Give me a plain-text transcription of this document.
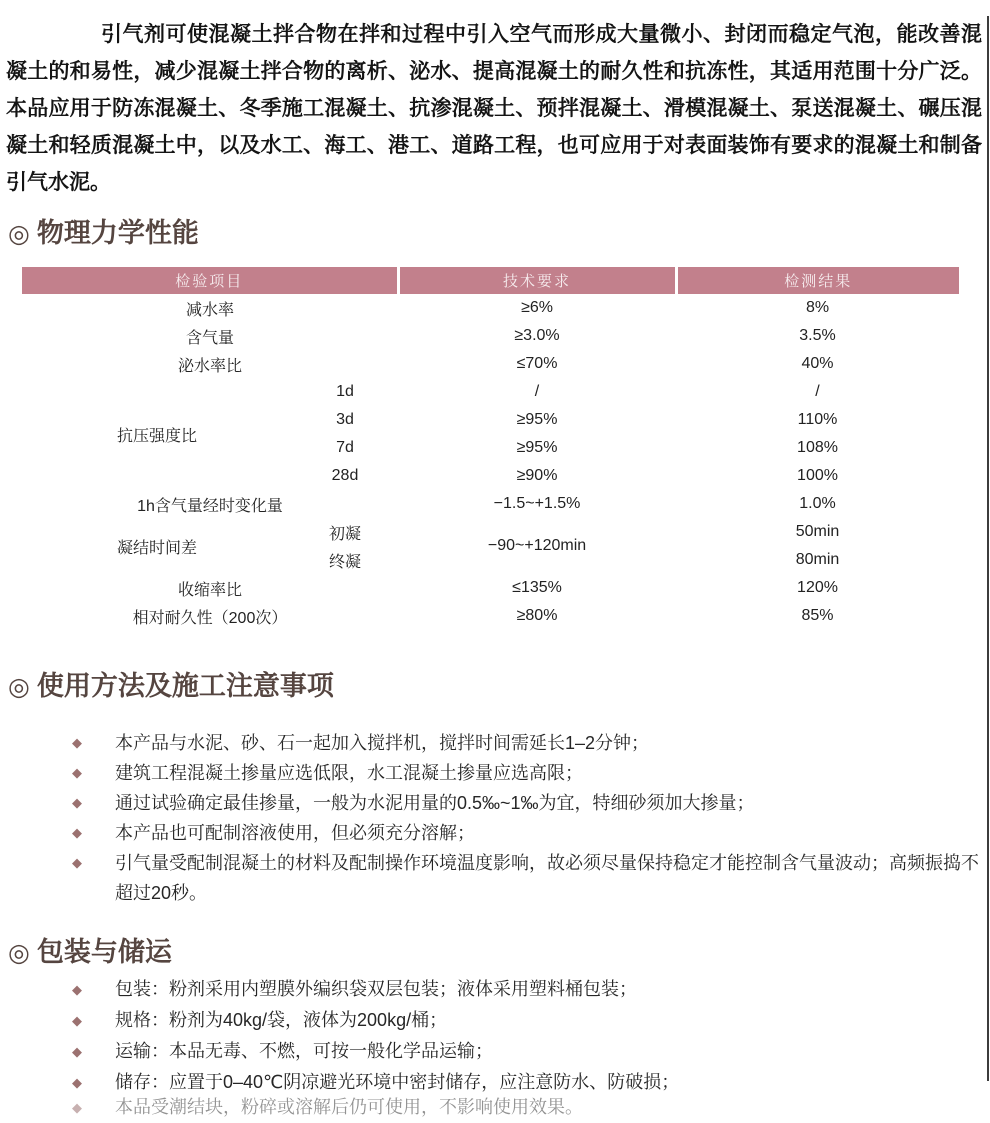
引气剂可使混凝土拌合物在拌和过程中引入空气而形成大量微小、封闭而稳定气泡，能改善混凝土的和易性，减少混凝土拌合物的离析、泌水、提高混凝土的耐久性和抗冻性，其适用范围十分广泛。本品应用于防冻混凝土、冬季施工混凝土、抗渗混凝土、预拌混凝土、滑模混凝土、泵送混凝土、碾压混凝土和轻质混凝土中，以及水工、海工、港工、道路工程，也可应用于对表面装饰有要求的混凝土和制备引气水泥。

◎ 物理力学性能
检验项目		技术要求	检测结果
减水率		≥6%	8%
含气量		≥3.0%	3.5%
泌水率比		≤70%	40%
抗压强度比	1d	/	/
	3d	≥95%	110%
	7d	≥95%	108%
	28d	≥90%	100%
1h含气量经时变化量		−1.5~+1.5%	1.0%
凝结时间差	初凝	−90~+120min	50min
	终凝		80min
收缩率比		≤135%	120%
相对耐久性（200次）		≥80%	85%
◎ 使用方法及施工注意事项
◆ 本产品与水泥、砂、石一起加入搅拌机，搅拌时间需延长1–2分钟；
◆ 建筑工程混凝土掺量应选低限，水工混凝土掺量应选高限；
◆ 通过试验确定最佳掺量，一般为水泥用量的0.5‰~1‰为宜，特细砂须加大掺量；
◆ 本产品也可配制溶液使用，但必须充分溶解；
◆ 引气量受配制混凝土的材料及配制操作环境温度影响，故必须尽量保持稳定才能控制含气量波动；高频振捣不超过20秒。
◎ 包装与储运
◆ 包装：粉剂采用内塑膜外编织袋双层包装；液体采用塑料桶包装；
◆ 规格：粉剂为40kg/袋，液体为200kg/桶；
◆ 运输：本品无毒、不燃，可按一般化学品运输；
◆ 储存：应置于0–40℃阴凉避光环境中密封储存，应注意防水、防破损；
◆ 本品受潮结块，粉碎或溶解后仍可使用，不影响使用效果。
